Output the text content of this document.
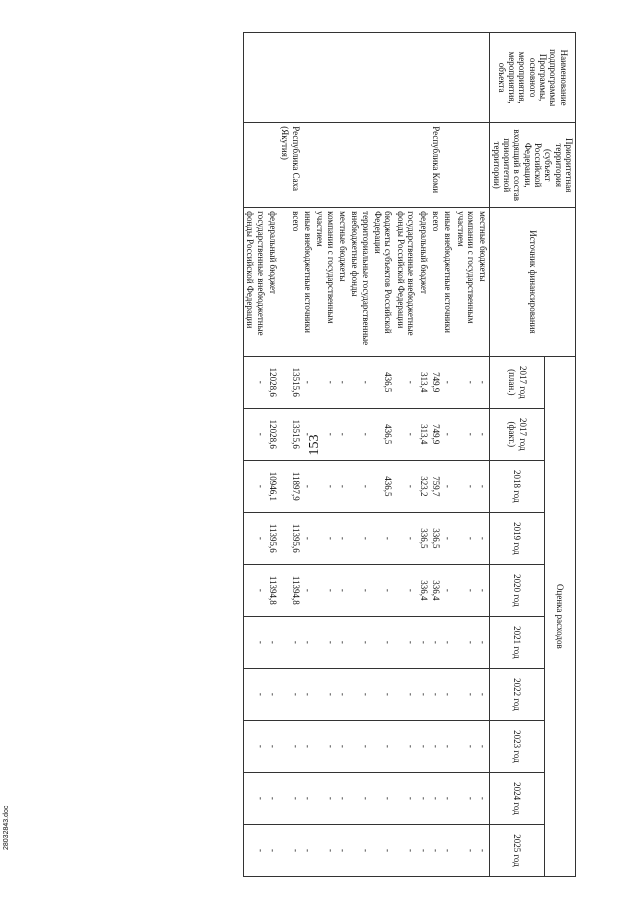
153
28032843.doc
Наименование подпрограммы Программы, основного мероприятия, мероприятия, объекта	Приоритетная территория (субъект Российской Федерации, входящий в состав приоритетной территории)	Источник финансирования	Оценка расходов									
			2017 год (план.)	2017 год (факт.)	2018 год	2019 год	2020 год	2021 год	2022 год	2023 год	2024 год	2025 год
		местные бюджеты	-	-	-	-	-	-	-	-	-	-
		компании с государственным участием	-	-	-	-	-	-	-	-	-	-
		иные внебюджетные источники	-	-	-	-	-	-	-	-	-	-
	Республика Коми	всего	749,9	749,9	759,7	336,5	336,4	-	-	-	-	-
		федеральный бюджет	313,4	313,4	323,2	336,5	336,4	-	-	-	-	-
		государственные внебюджетные фонды Российской Федерации	-	-	-	-	-	-	-	-	-	-
		бюджеты субъектов Российской Федерации	436,5	436,5	436,5	-	-	-	-	-	-	-
		территориальные государственные внебюджетные фонды	-	-	-	-	-	-	-	-	-	-
		местные бюджеты	-	-	-	-	-	-	-	-	-	-
		компании с государственным участием	-	-	-	-	-	-	-	-	-	-
		иные внебюджетные источники	-	-	-	-	-	-	-	-	-	-
	Республика Саха (Якутия)	всего	13515,6	13515,6	11897,9	11395,6	11394,8	-	-	-	-	-
		федеральный бюджет	12028,6	12028,6	10946,1	11395,6	11394,8	-	-	-	-	-
		государственные внебюджетные фонды Российской Федерации	-	-	-	-	-	-	-	-	-	-
